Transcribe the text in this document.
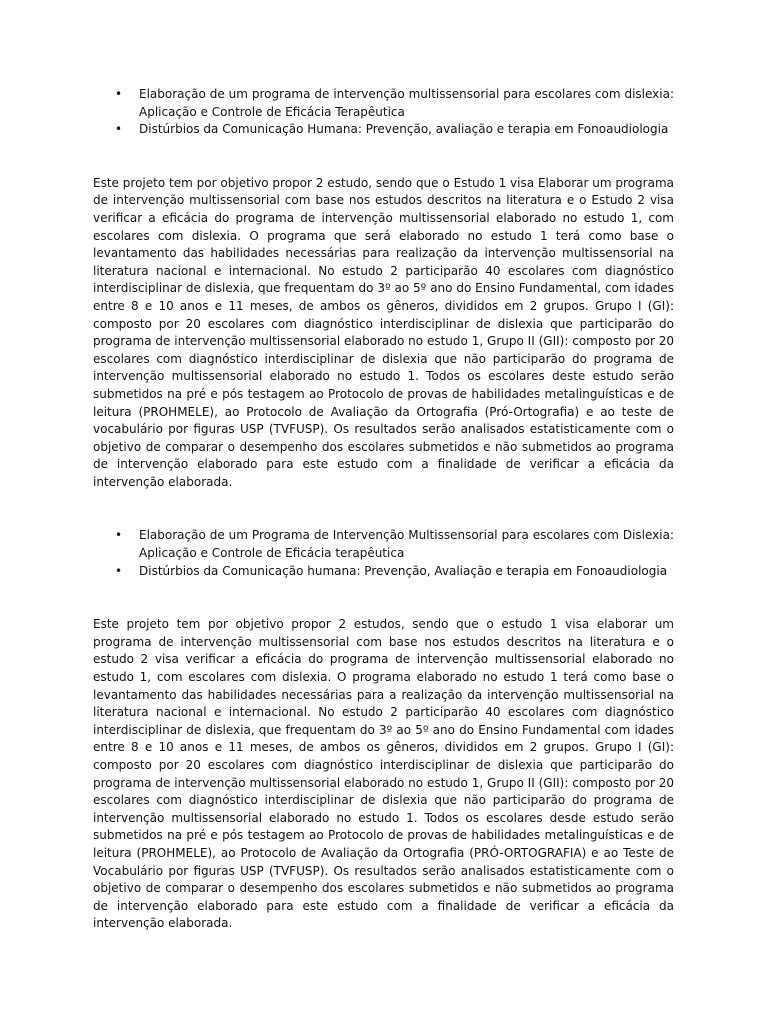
• Elaboração de um programa de intervenção multissensorial para escolares com dislexia: Aplicação e Controle de Eficácia Terapêutica
• Distúrbios da Comunicação Humana: Prevenção, avaliação e terapia em Fonoaudiologia

Este projeto tem por objetivo propor 2 estudo, sendo que o Estudo 1 visa Elaborar um programa de intervenção multissensorial com base nos estudos descritos na literatura e o Estudo 2 visa verificar a eficácia do programa de intervenção multissensorial elaborado no estudo 1, com escolares com dislexia. O programa que será elaborado no estudo 1 terá como base o levantamento das habilidades necessárias para realização da intervenção multissensorial na literatura nacional e internacional. No estudo 2 participarão 40 escolares com diagnóstico interdisciplinar de dislexia, que frequentam do 3º ao 5º ano do Ensino Fundamental, com idades entre 8 e 10 anos e 11 meses, de ambos os gêneros, divididos em 2 grupos. Grupo I (GI): composto por 20 escolares com diagnóstico interdisciplinar de dislexia que participarão do programa de intervenção multissensorial elaborado no estudo 1, Grupo II (GII): composto por 20 escolares com diagnóstico interdisciplinar de dislexia que não participarão do programa de intervenção multissensorial elaborado no estudo 1. Todos os escolares deste estudo serão submetidos na pré e pós testagem ao Protocolo de provas de habilidades metalinguísticas e de leitura (PROHMELE), ao Protocolo de Avaliação da Ortografia (Pró-Ortografia) e ao teste de vocabulário por figuras USP (TVFUSP). Os resultados serão analisados estatisticamente com o objetivo de comparar o desempenho dos escolares submetidos e não submetidos ao programa de intervenção elaborado para este estudo com a finalidade de verificar a eficácia da intervenção elaborada.

• Elaboração de um Programa de Intervenção Multissensorial para escolares com Dislexia: Aplicação e Controle de Eficácia terapêutica
• Distúrbios da Comunicação humana: Prevenção, Avaliação e terapia em Fonoaudiologia

Este projeto tem por objetivo propor 2 estudos, sendo que o estudo 1 visa elaborar um programa de intervenção multissensorial com base nos estudos descritos na literatura e o estudo 2 visa verificar a eficácia do programa de intervenção multissensorial elaborado no estudo 1, com escolares com dislexia. O programa elaborado no estudo 1 terá como base o levantamento das habilidades necessárias para a realização da intervenção multissensorial na literatura nacional e internacional. No estudo 2 participarão 40 escolares com diagnóstico interdisciplinar de dislexia, que frequentam do 3º ao 5º ano do Ensino Fundamental com idades entre 8 e 10 anos e 11 meses, de ambos os gêneros, divididos em 2 grupos. Grupo I (GI): composto por 20 escolares com diagnóstico interdisciplinar de dislexia que participarão do programa de intervenção multissensorial elaborado no estudo 1, Grupo II (GII): composto por 20 escolares com diagnóstico interdisciplinar de dislexia que não participarão do programa de intervenção multissensorial elaborado no estudo 1. Todos os escolares desde estudo serão submetidos na pré e pós testagem ao Protocolo de provas de habilidades metalinguísticas e de leitura (PROHMELE), ao Protocolo de Avaliação da Ortografia (PRÓ-ORTOGRAFIA) e ao Teste de Vocabulário por figuras USP (TVFUSP). Os resultados serão analisados estatisticamente com o objetivo de comparar o desempenho dos escolares submetidos e não submetidos ao programa de intervenção elaborado para este estudo com a finalidade de verificar a eficácia da intervenção elaborada.
